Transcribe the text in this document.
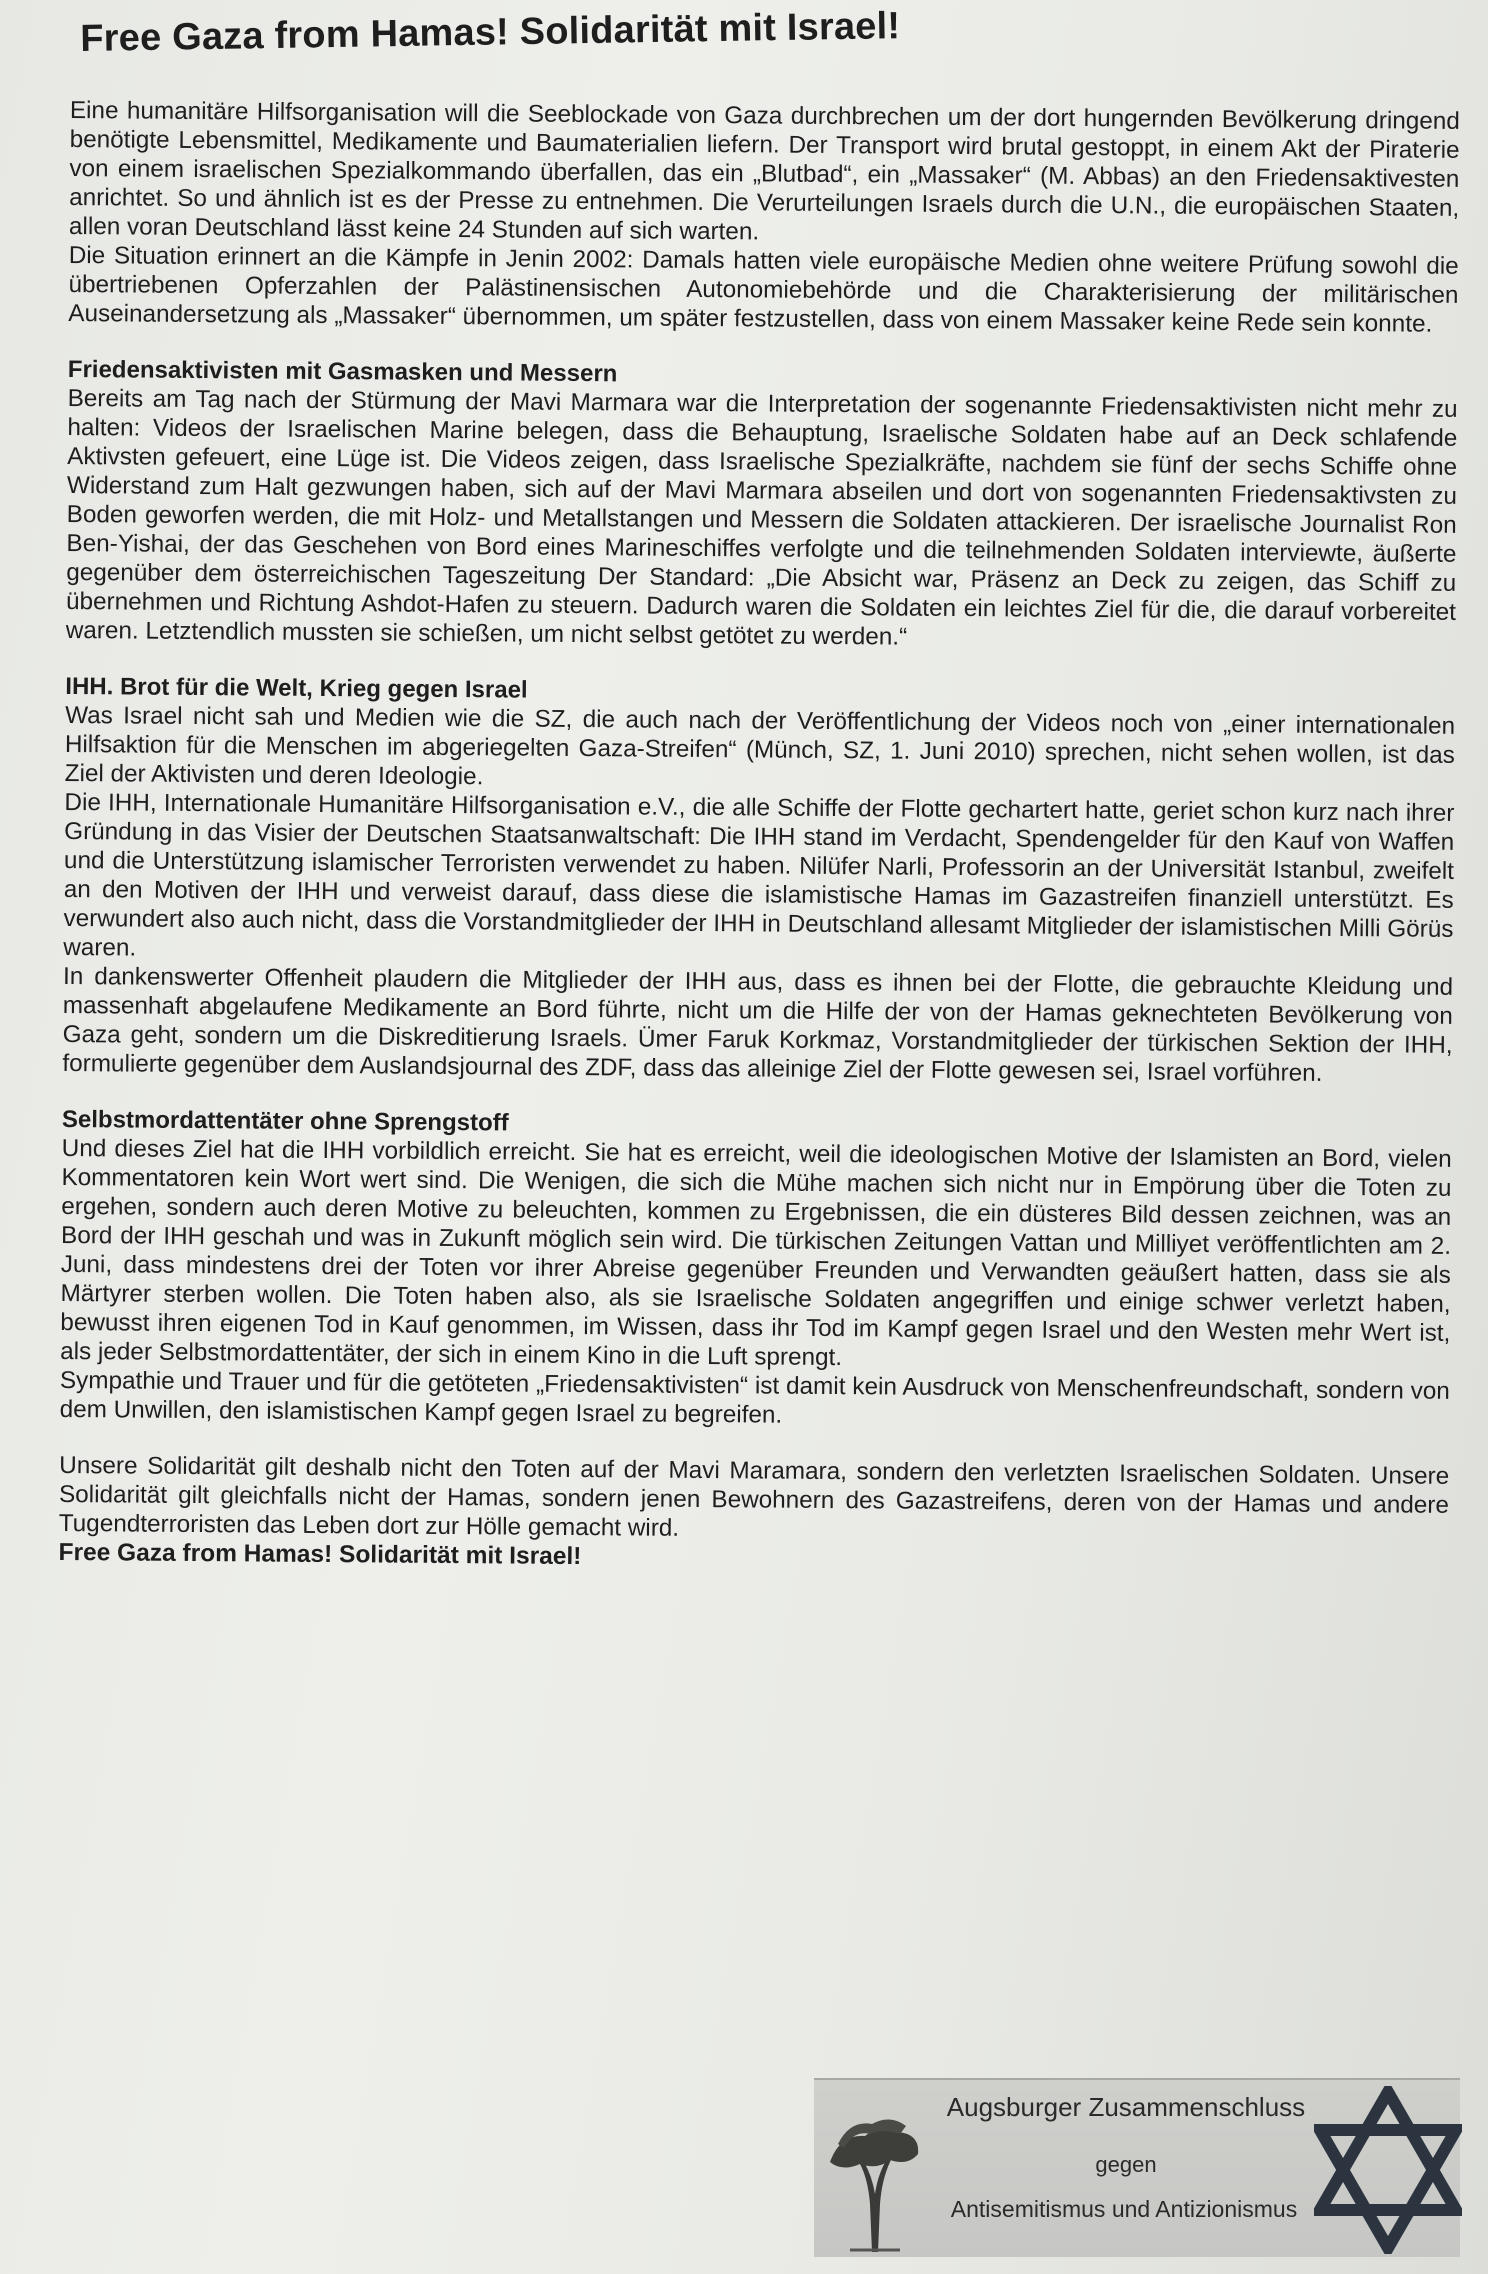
Free Gaza from Hamas! Solidarität mit Israel!

Eine humanitäre Hilfsorganisation will die Seeblockade von Gaza durchbrechen um der dort hungernden Bevölkerung dringend benötigte Lebensmittel, Medikamente und Baumaterialien liefern. Der Transport wird brutal gestoppt, in einem Akt der Piraterie von einem israelischen Spezialkommando überfallen, das ein „Blutbad“, ein „Massaker“ (M. Abbas) an den Friedensaktivesten anrichtet. So und ähnlich ist es der Presse zu entnehmen. Die Verurteilungen Israels durch die U.N., die europäischen Staaten, allen voran Deutschland lässt keine 24 Stunden auf sich warten.

Die Situation erinnert an die Kämpfe in Jenin 2002: Damals hatten viele europäische Medien ohne weitere Prüfung sowohl die übertriebenen Opferzahlen der Palästinensischen Autonomiebehörde und die Charakterisierung der militärischen Auseinandersetzung als „Massaker“ übernommen, um später festzustellen, dass von einem Massaker keine Rede sein konnte.

Friedensaktivisten mit Gasmasken und Messern

Bereits am Tag nach der Stürmung der Mavi Marmara war die Interpretation der sogenannte Friedensaktivisten nicht mehr zu halten: Videos der Israelischen Marine belegen, dass die Behauptung, Israelische Soldaten habe auf an Deck schlafende Aktivsten gefeuert, eine Lüge ist. Die Videos zeigen, dass Israelische Spezialkräfte, nachdem sie fünf der sechs Schiffe ohne Widerstand zum Halt gezwungen haben, sich auf der Mavi Marmara abseilen und dort von sogenannten Friedensaktivsten zu Boden geworfen werden, die mit Holz- und Metallstangen und Messern die Soldaten attackieren. Der israelische Journalist Ron Ben-Yishai, der das Geschehen von Bord eines Marineschiffes verfolgte und die teilnehmenden Soldaten interviewte, äußerte gegenüber dem österreichischen Tageszeitung Der Standard: „Die Absicht war, Präsenz an Deck zu zeigen, das Schiff zu übernehmen und Richtung Ashdot-Hafen zu steuern. Dadurch waren die Soldaten ein leichtes Ziel für die, die darauf vorbereitet waren. Letztendlich mussten sie schießen, um nicht selbst getötet zu werden.“

IHH. Brot für die Welt, Krieg gegen Israel

Was Israel nicht sah und Medien wie die SZ, die auch nach der Veröffentlichung der Videos noch von „einer internationalen Hilfsaktion für die Menschen im abgeriegelten Gaza-Streifen“ (Münch, SZ, 1. Juni 2010) sprechen, nicht sehen wollen, ist das Ziel der Aktivisten und deren Ideologie.

Die IHH, Internationale Humanitäre Hilfsorganisation e.V., die alle Schiffe der Flotte gechartert hatte, geriet schon kurz nach ihrer Gründung in das Visier der Deutschen Staatsanwaltschaft: Die IHH stand im Verdacht, Spendengelder für den Kauf von Waffen und die Unterstützung islamischer Terroristen verwendet zu haben. Nilüfer Narli, Professorin an der Universität Istanbul, zweifelt an den Motiven der IHH und verweist darauf, dass diese die islamistische Hamas im Gazastreifen finanziell unterstützt. Es verwundert also auch nicht, dass die Vorstandmitglieder der IHH in Deutschland allesamt Mitglieder der islamistischen Milli Görüs waren.

In dankenswerter Offenheit plaudern die Mitglieder der IHH aus, dass es ihnen bei der Flotte, die gebrauchte Kleidung und massenhaft abgelaufene Medikamente an Bord führte, nicht um die Hilfe der von der Hamas geknechteten Bevölkerung von Gaza geht, sondern um die Diskreditierung Israels. Ümer Faruk Korkmaz, Vorstandmitglieder der türkischen Sektion der IHH, formulierte gegenüber dem Auslandsjournal des ZDF, dass das alleinige Ziel der Flotte gewesen sei, Israel vorführen.

Selbstmordattentäter ohne Sprengstoff

Und dieses Ziel hat die IHH vorbildlich erreicht. Sie hat es erreicht, weil die ideologischen Motive der Islamisten an Bord, vielen Kommentatoren kein Wort wert sind. Die Wenigen, die sich die Mühe machen sich nicht nur in Empörung über die Toten zu ergehen, sondern auch deren Motive zu beleuchten, kommen zu Ergebnissen, die ein düsteres Bild dessen zeichnen, was an Bord der IHH geschah und was in Zukunft möglich sein wird. Die türkischen Zeitungen Vattan und Milliyet veröffentlichten am 2. Juni, dass mindestens drei der Toten vor ihrer Abreise gegenüber Freunden und Verwandten geäußert hatten, dass sie als Märtyrer sterben wollen. Die Toten haben also, als sie Israelische Soldaten angegriffen und einige schwer verletzt haben, bewusst ihren eigenen Tod in Kauf genommen, im Wissen, dass ihr Tod im Kampf gegen Israel und den Westen mehr Wert ist, als jeder Selbstmordattentäter, der sich in einem Kino in die Luft sprengt.

Sympathie und Trauer und für die getöteten „Friedensaktivisten“ ist damit kein Ausdruck von Menschenfreundschaft, sondern von dem Unwillen, den islamistischen Kampf gegen Israel zu begreifen.

Unsere Solidarität gilt deshalb nicht den Toten auf der Mavi Maramara, sondern den verletzten Israelischen Soldaten. Unsere Solidarität gilt gleichfalls nicht der Hamas, sondern jenen Bewohnern des Gazastreifens, deren von der Hamas und andere Tugendterroristen das Leben dort zur Hölle gemacht wird.

Free Gaza from Hamas! Solidarität mit Israel!

Augsburger Zusammenschluss
gegen
Antisemitismus und Antizionismus
